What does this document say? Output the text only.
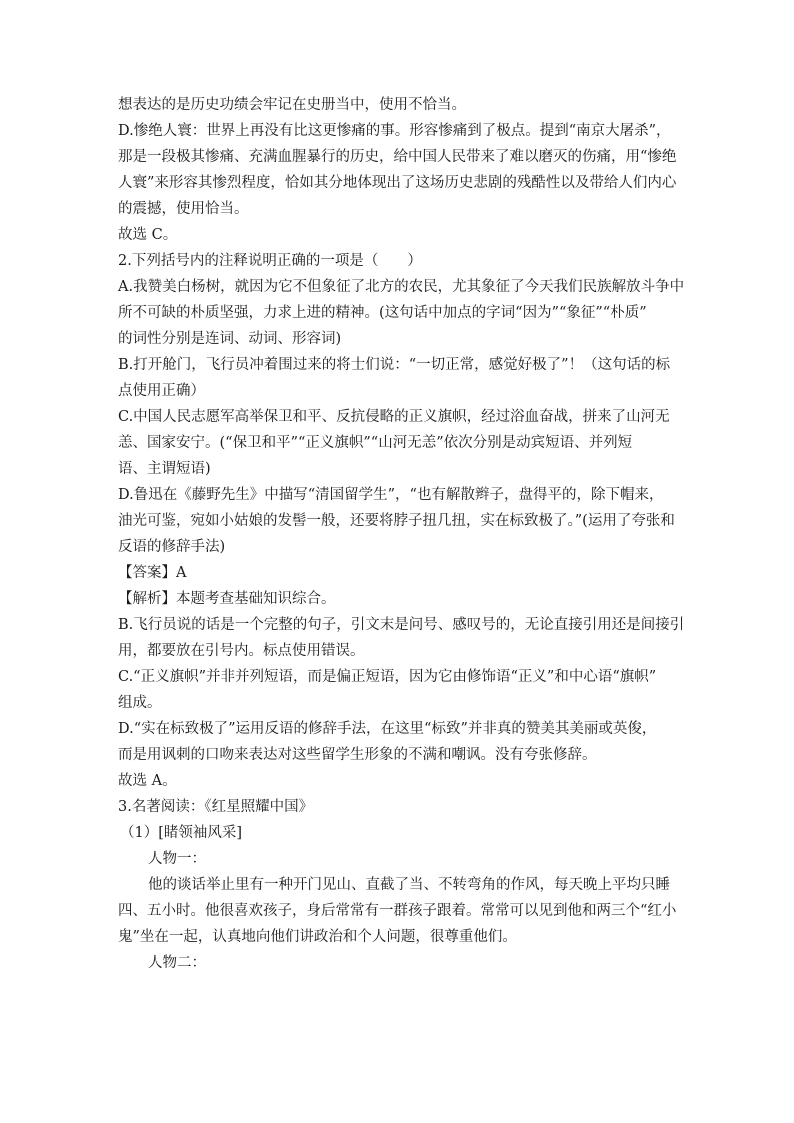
想表达的是历史功绩会牢记在史册当中，使用不恰当。
D.惨绝人寰：世界上再没有比这更惨痛的事。形容惨痛到了极点。提到“南京大屠杀”，
那是一段极其惨痛、充满血腥暴行的历史，给中国人民带来了难以磨灭的伤痛，用“惨绝
人寰”来形容其惨烈程度，恰如其分地体现出了这场历史悲剧的残酷性以及带给人们内心
的震撼，使用恰当。
故选 C。
2.下列括号内的注释说明正确的一项是（　　）
A.我赞美白杨树，就因为它不但象征了北方的农民，尤其象征了今天我们民族解放斗争中
所不可缺的朴质坚强，力求上进的精神。(这句话中加点的字词“因为”“象征”“朴质”
的词性分别是连词、动词、形容词)
B.打开舱门，飞行员冲着围过来的将士们说：“一切正常，感觉好极了”！（这句话的标
点使用正确）
C.中国人民志愿军高举保卫和平、反抗侵略的正义旗帜，经过浴血奋战，拼来了山河无
恙、国家安宁。(“保卫和平”“正义旗帜”“山河无恙”依次分别是动宾短语、并列短
语、主谓短语)
D.鲁迅在《藤野先生》中描写“清国留学生”，“也有解散辫子，盘得平的，除下帽来，
油光可鉴，宛如小姑娘的发髻一般，还要将脖子扭几扭，实在标致极了。”(运用了夸张和
反语的修辞手法)
【答案】A
【解析】本题考查基础知识综合。
B.飞行员说的话是一个完整的句子，引文末是问号、感叹号的，无论直接引用还是间接引
用，都要放在引号内。标点使用错误。
C.“正义旗帜”并非并列短语，而是偏正短语，因为它由修饰语“正义”和中心语“旗帜”
组成。
D.“实在标致极了”运用反语的修辞手法，在这里“标致”并非真的赞美其美丽或英俊，
而是用讽刺的口吻来表达对这些留学生形象的不满和嘲讽。没有夸张修辞。
故选 A。
3.名著阅读：《红星照耀中国》
（1）[睹领袖风采]
人物一：
他的谈话举止里有一种开门见山、直截了当、不转弯角的作风，每天晚上平均只睡
四、五小时。他很喜欢孩子，身后常常有一群孩子跟着。常常可以见到他和两三个“红小
鬼”坐在一起，认真地向他们讲政治和个人问题，很尊重他们。
人物二：
